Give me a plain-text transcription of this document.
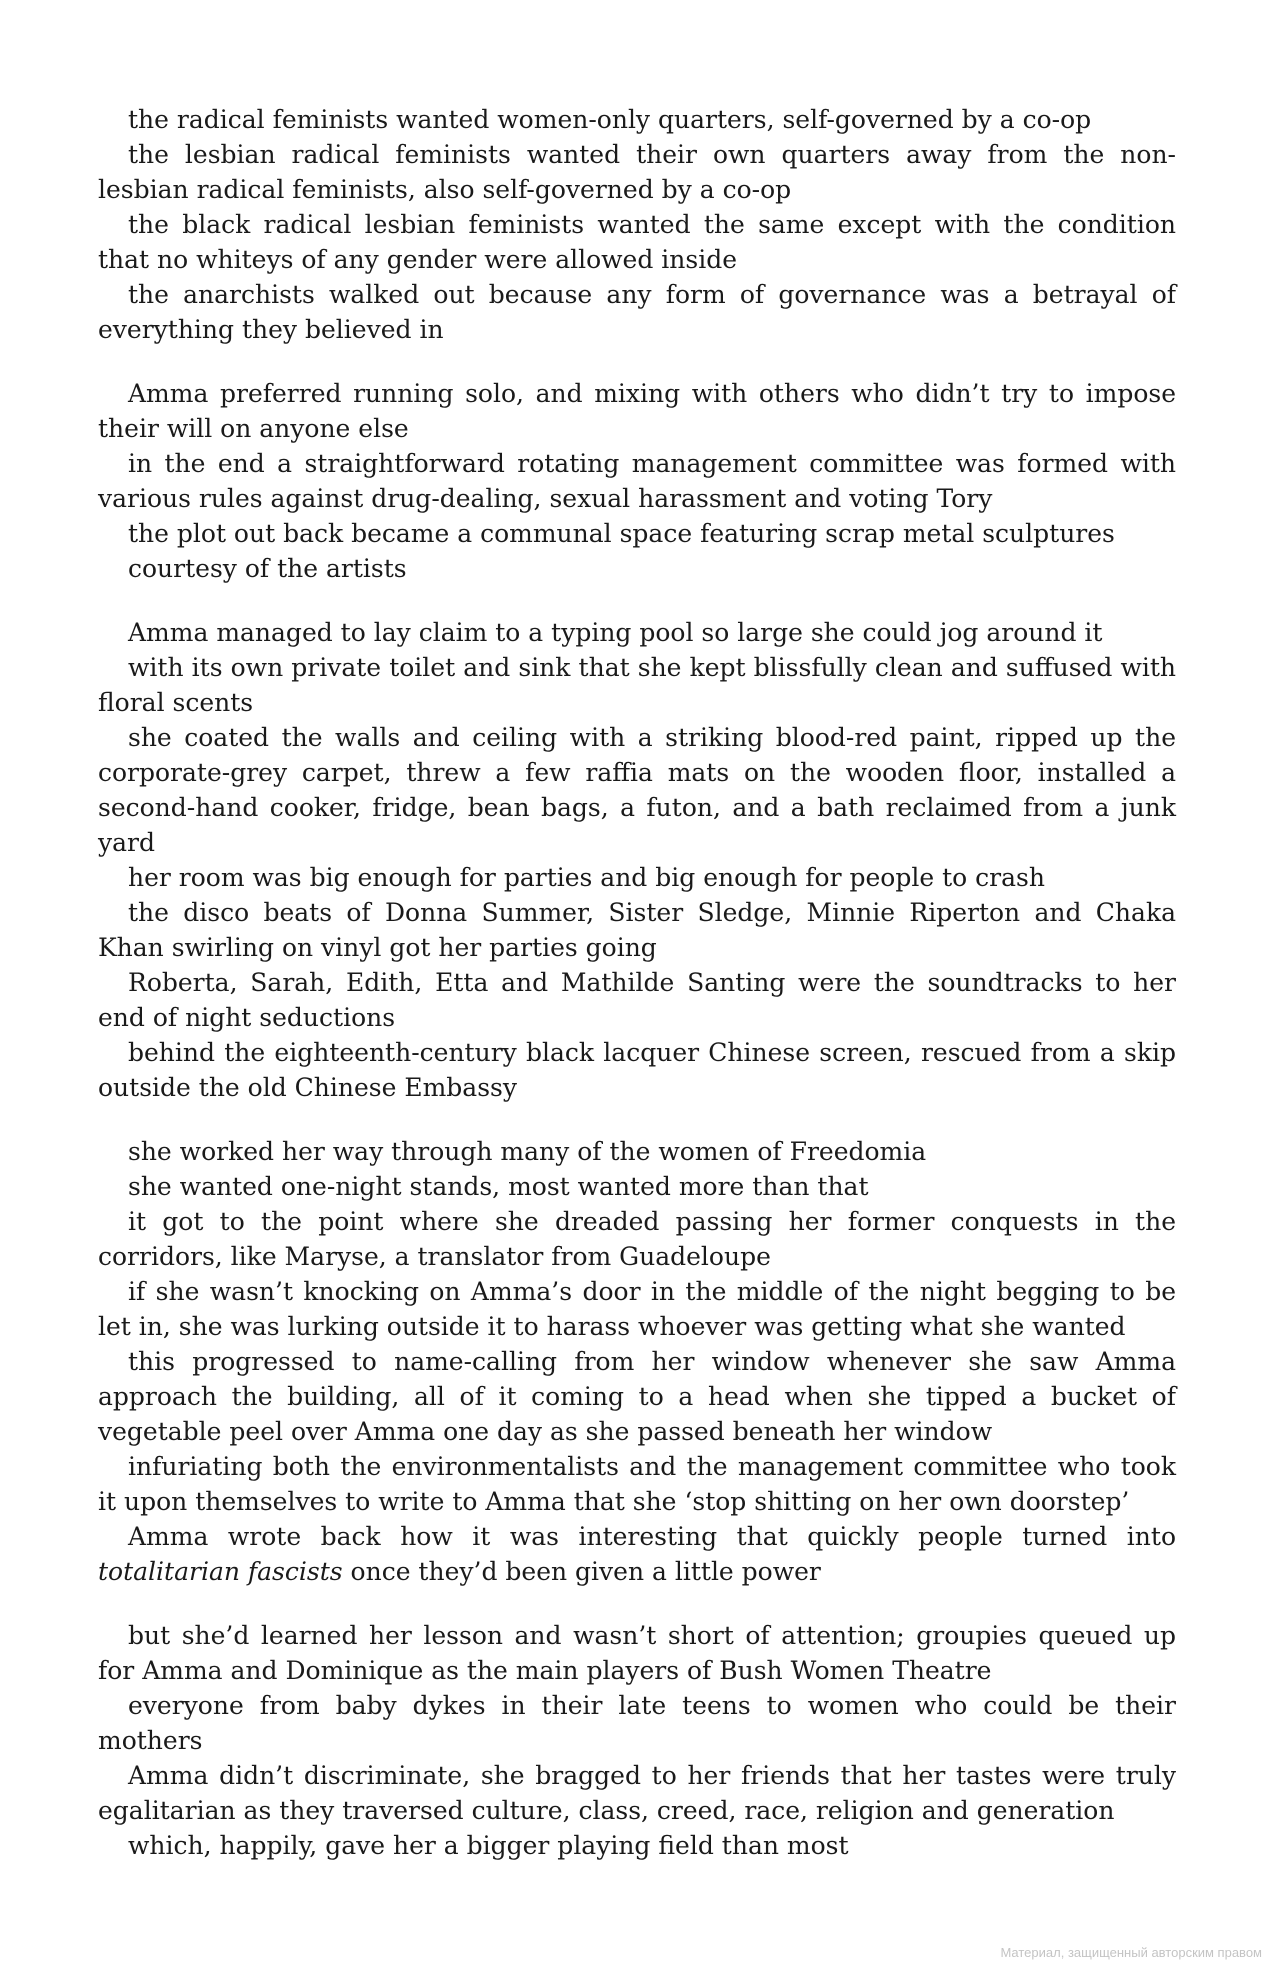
the radical feminists wanted women-only quarters, self-governed by a co-op

the lesbian radical feminists wanted their own quarters away from the non-lesbian radical feminists, also self-governed by a co-op

the black radical lesbian feminists wanted the same except with the condition that no whiteys of any gender were allowed inside

the anarchists walked out because any form of governance was a betrayal of everything they believed in

Amma preferred running solo, and mixing with others who didn’t try to impose their will on anyone else

in the end a straightforward rotating management committee was formed with various rules against drug-dealing, sexual harassment and voting Tory

the plot out back became a communal space featuring scrap metal sculptures

courtesy of the artists

Amma managed to lay claim to a typing pool so large she could jog around it

with its own private toilet and sink that she kept blissfully clean and suffused with floral scents

she coated the walls and ceiling with a striking blood-red paint, ripped up the corporate-grey carpet, threw a few raffia mats on the wooden floor, installed a second-hand cooker, fridge, bean bags, a futon, and a bath reclaimed from a junk yard

her room was big enough for parties and big enough for people to crash

the disco beats of Donna Summer, Sister Sledge, Minnie Riperton and Chaka Khan swirling on vinyl got her parties going

Roberta, Sarah, Edith, Etta and Mathilde Santing were the soundtracks to her end of night seductions

behind the eighteenth-century black lacquer Chinese screen, rescued from a skip outside the old Chinese Embassy

she worked her way through many of the women of Freedomia

she wanted one-night stands, most wanted more than that

it got to the point where she dreaded passing her former conquests in the corridors, like Maryse, a translator from Guadeloupe

if she wasn’t knocking on Amma’s door in the middle of the night begging to be let in, she was lurking outside it to harass whoever was getting what she wanted

this progressed to name-calling from her window whenever she saw Amma approach the building, all of it coming to a head when she tipped a bucket of vegetable peel over Amma one day as she passed beneath her window

infuriating both the environmentalists and the management committee who took it upon themselves to write to Amma that she ‘stop shitting on her own doorstep’

Amma wrote back how it was interesting that quickly people turned into totalitarian fascists once they’d been given a little power

but she’d learned her lesson and wasn’t short of attention; groupies queued up for Amma and Dominique as the main players of Bush Women Theatre

everyone from baby dykes in their late teens to women who could be their mothers

Amma didn’t discriminate, she bragged to her friends that her tastes were truly egalitarian as they traversed culture, class, creed, race, religion and generation

which, happily, gave her a bigger playing field than most

Материал, защищенный авторским правом
